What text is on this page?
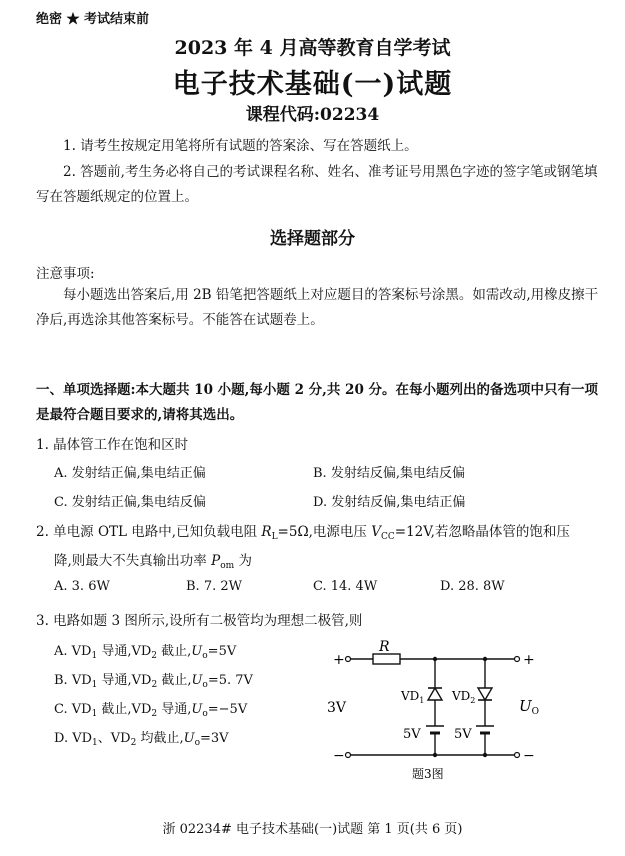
绝密 ★ 考试结束前
2023 年 4 月高等教育自学考试
电子技术基础(一)试题
课程代码:02234
1. 请考生按规定用笔将所有试题的答案涂、写在答题纸上。
2. 答题前,考生务必将自己的考试课程名称、姓名、准考证号用黑色字迹的签字笔或钢笔填写在答题纸规定的位置上。
选择题部分
注意事项:
每小题选出答案后,用 2B 铅笔把答题纸上对应题目的答案标号涂黑。如需改动,用橡皮擦干净后,再选涂其他答案标号。不能答在试题卷上。
一、单项选择题:本大题共 10 小题,每小题 2 分,共 20 分。在每小题列出的备选项中只有一项是最符合题目要求的,请将其选出。
1. 晶体管工作在饱和区时
A. 发射结正偏,集电结正偏	B. 发射结反偏,集电结反偏
C. 发射结正偏,集电结反偏	D. 发射结反偏,集电结正偏
2. 单电源 OTL 电路中,已知负载电阻 $R_L=5\Omega$,电源电压 $V_{CC}=12V$,若忽略晶体管的饱和压
降,则最大不失真输出功率 $P_{om}$ 为
A. 3. 6W	B. 7. 2W	C. 14. 4W	D. 28. 8W
3. 电路如题 3 图所示,设所有二极管均为理想二极管,则
A. $VD_1$ 导通$,VD_2$ 截止$,U_o=5V$
B. $VD_1$ 导通$,VD_2$ 截止$,U_o=5$. 7V
C. $VD_1$ 截止$,VD_2$ 导通$,U_o=-5V$
D. $VD_1$、$VD_2$ 均截止$,U_o=3V$
+	+
−	−
R
3V
$VD_1$ $VD_2$
5V	5V
$U_O$
题3图
浙 02234# 电子技术基础(一)试题 第 1 页(共 6 页)
